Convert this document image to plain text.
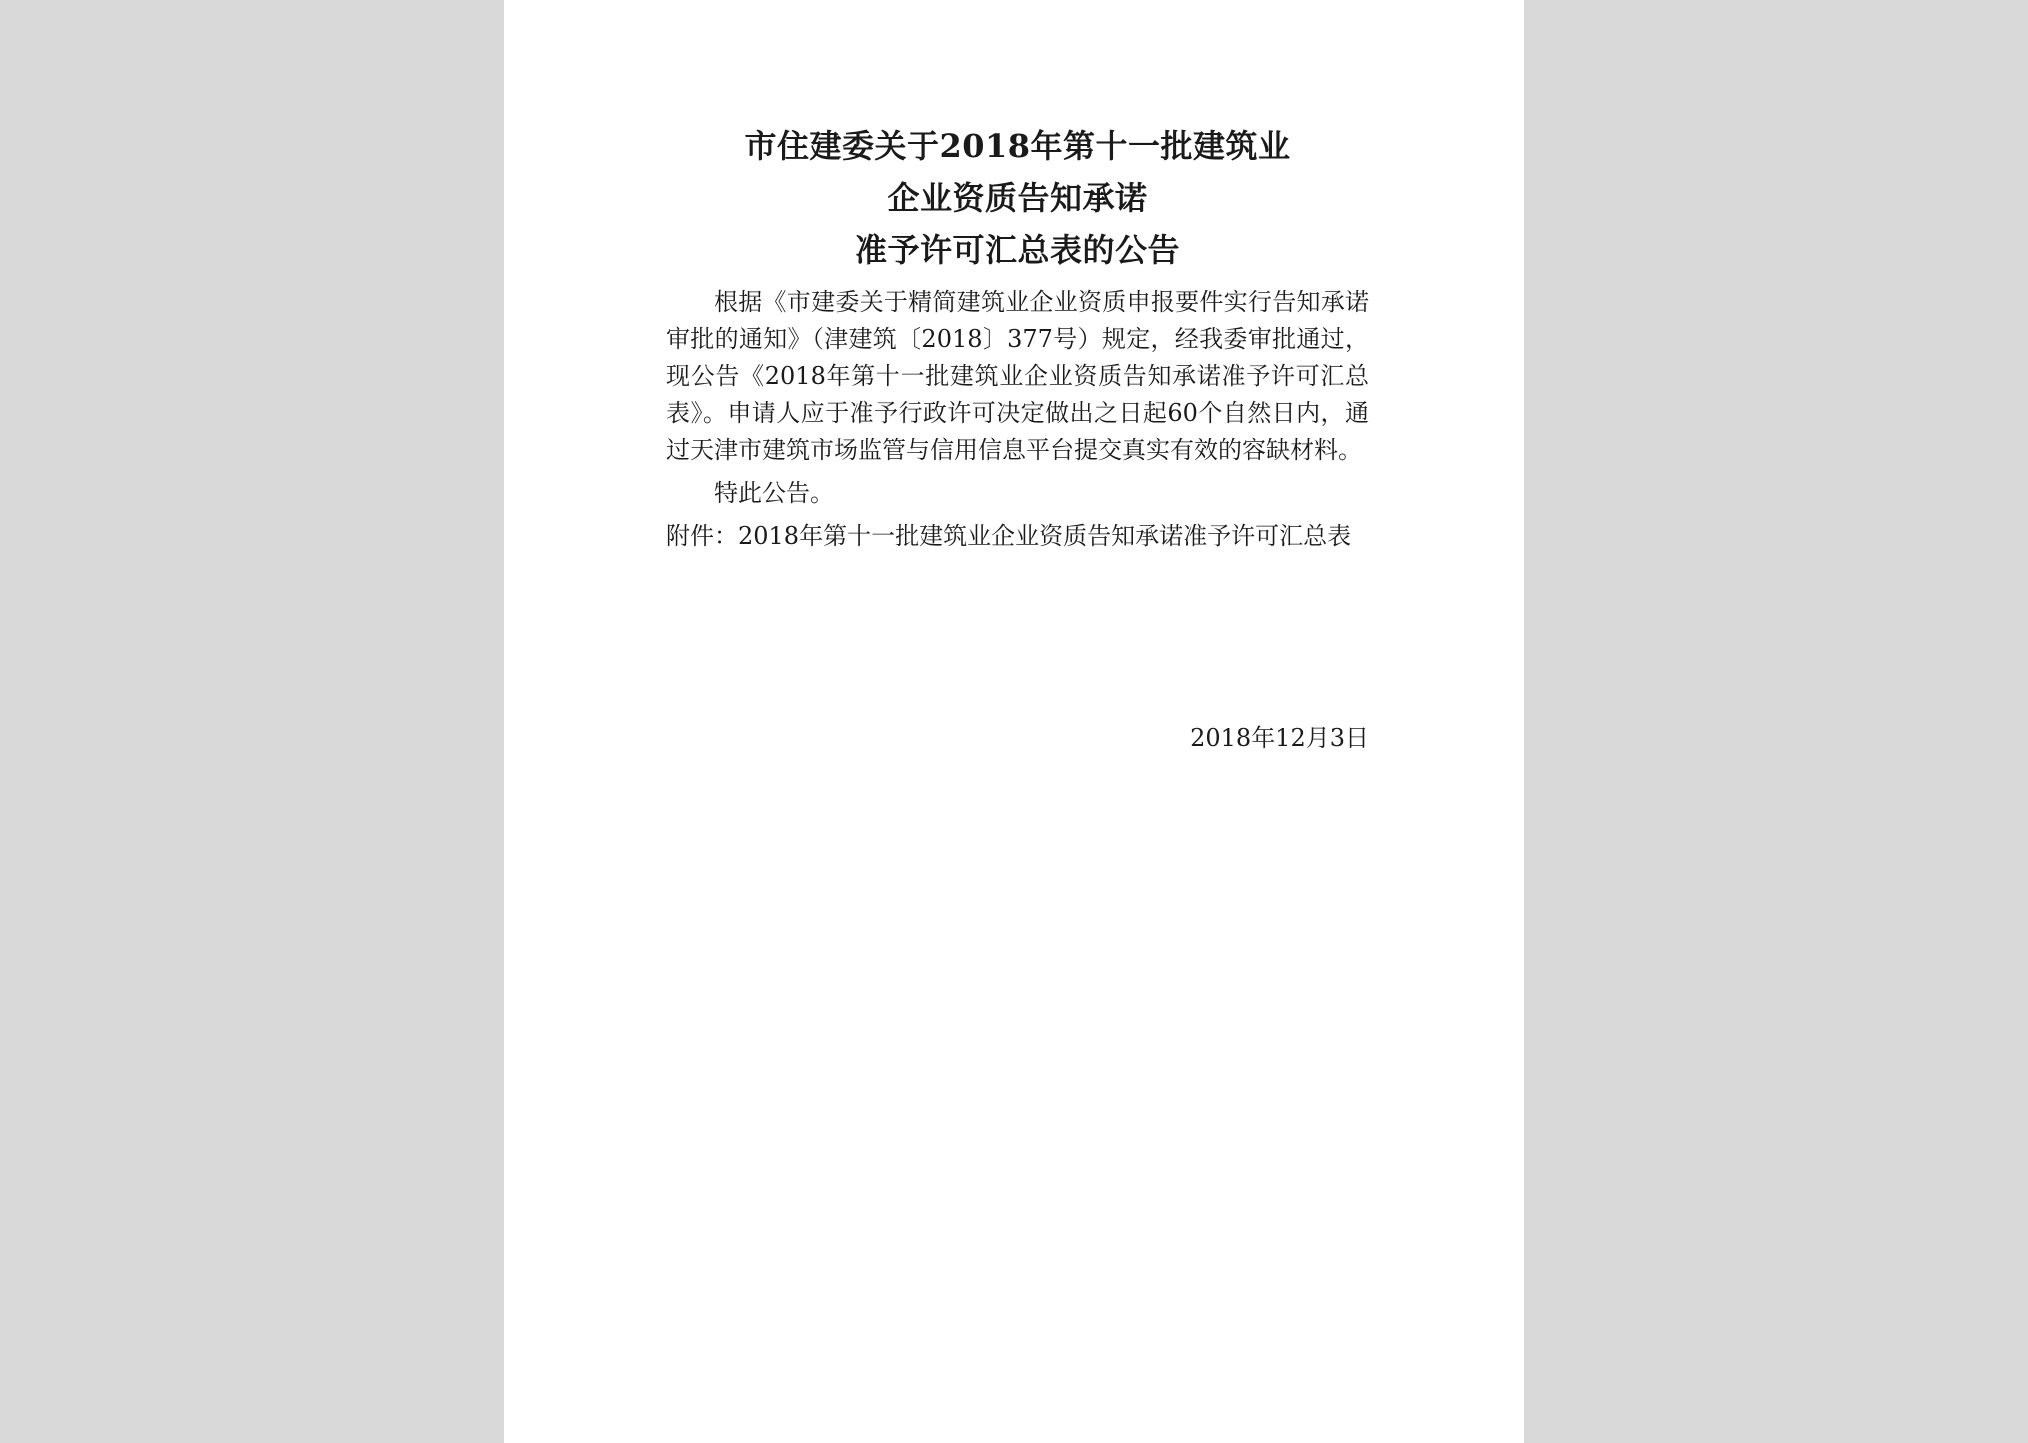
市住建委关于2018年第十一批建筑业
企业资质告知承诺
准予许可汇总表的公告

根据《市建委关于精简建筑业企业资质申报要件实行告知承诺审批的通知》（津建筑〔2018〕377号）规定，经我委审批通过，现公告《2018年第十一批建筑业企业资质告知承诺准予许可汇总表》。申请人应于准予行政许可决定做出之日起60个自然日内，通过天津市建筑市场监管与信用信息平台提交真实有效的容缺材料。

特此公告。

附件：2018年第十一批建筑业企业资质告知承诺准予许可汇总表

2018年12月3日
